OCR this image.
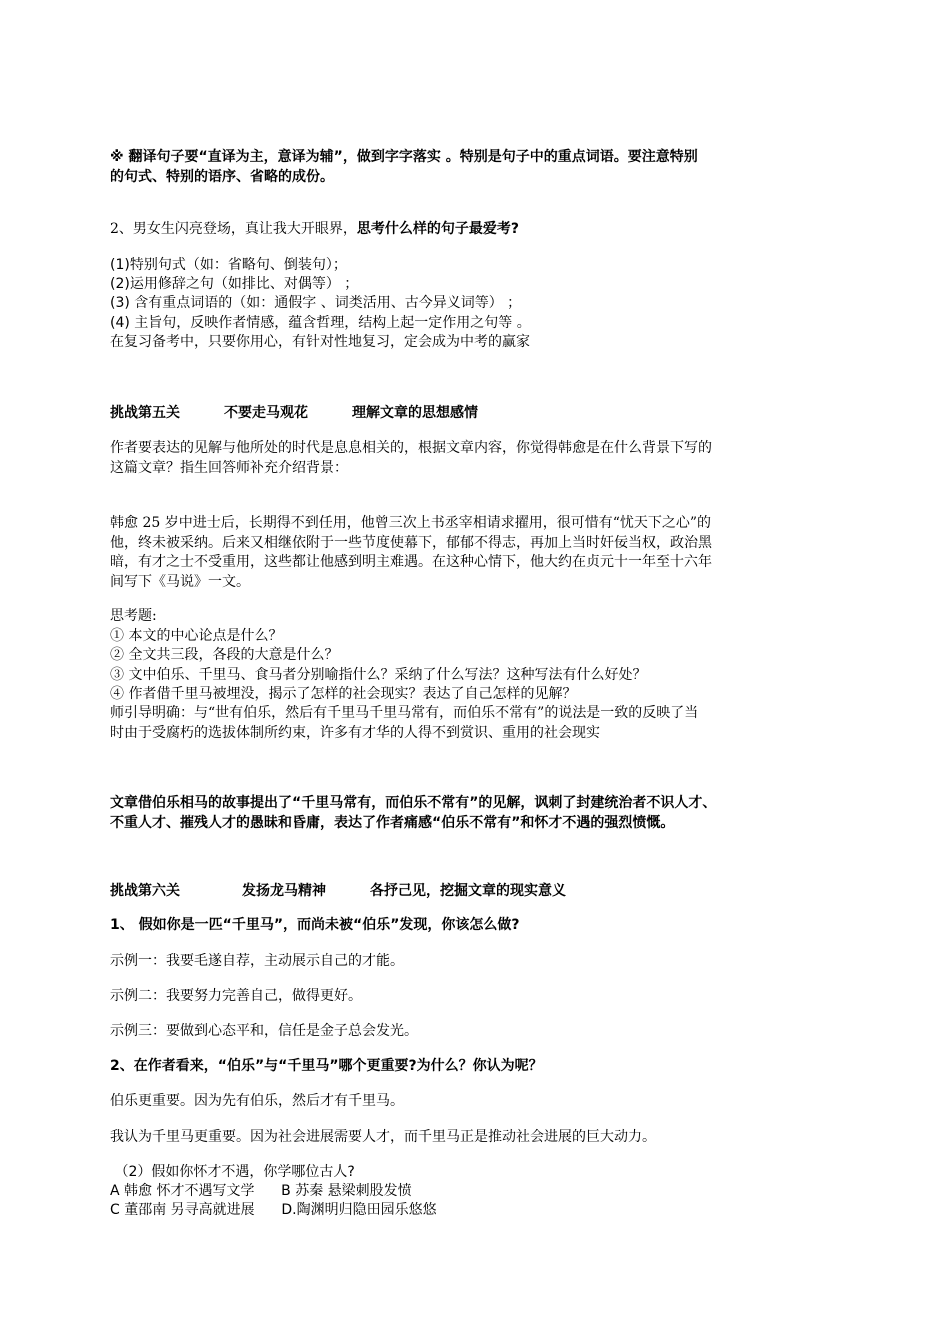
※ 翻译句子要“直译为主，意译为辅”，做到字字落实 。特别是句子中的重点词语。要注意特别
的句式、特别的语序、省略的成份。
2、男女生闪亮登场，真让我大开眼界，思考什么样的句子最爱考?
(1)特别句式（如：省略句、倒装句）；
(2)运用修辞之句（如排比、对偶等） ；
(3) 含有重点词语的（如：通假字 、词类活用、古今异义词等） ；
(4) 主旨句，反映作者情感，蕴含哲理，结构上起一定作用之句等 。
在复习备考中，只要你用心，有针对性地复习，定会成为中考的赢家
挑战第五关	不要走马观花	理解文章的思想感情
作者要表达的见解与他所处的时代是息息相关的，根据文章内容，你觉得韩愈是在什么背景下写的
这篇文章？指生回答师补充介绍背景：
韩愈 25 岁中进士后，长期得不到任用，他曾三次上书丞宰相请求擢用，很可惜有“忧天下之心”的
他，终未被采纳。后来又相继依附于一些节度使幕下，郁郁不得志，再加上当时奸佞当权，政治黑
暗，有才之士不受重用，这些都让他感到明主难遇。在这种心情下，他大约在贞元十一年至十六年
间写下《马说》一文。
思考题:
① 本文的中心论点是什么？
② 全文共三段，各段的大意是什么？
③ 文中伯乐、千里马、食马者分别喻指什么？采纳了什么写法？这种写法有什么好处？
④ 作者借千里马被埋没，揭示了怎样的社会现实？表达了自己怎样的见解？
师引导明确：与“世有伯乐，然后有千里马千里马常有，而伯乐不常有”的说法是一致的反映了当
时由于受腐朽的选拔体制所约束，许多有才华的人得不到赏识、重用的社会现实
文章借伯乐相马的故事提出了“千里马常有，而伯乐不常有”的见解，讽刺了封建统治者不识人才、
不重人才、摧残人才的愚昧和昏庸，表达了作者痛感“伯乐不常有”和怀才不遇的强烈愤慨。
挑战第六关	发扬龙马精神	各抒己见，挖掘文章的现实意义
1、 假如你是一匹“千里马”，而尚未被“伯乐”发现，你该怎么做?
示例一：我要毛遂自荐，主动展示自己的才能。
示例二：我要努力完善自己，做得更好。
示例三：要做到心态平和，信任是金子总会发光。
2、在作者看来，“伯乐”与“千里马”哪个更重要?为什么？你认为呢？
伯乐更重要。因为先有伯乐，然后才有千里马。
我认为千里马更重要。因为社会进展需要人才，而千里马正是推动社会进展的巨大动力。
（2）假如你怀才不遇，你学哪位古人?
A 韩愈 怀才不遇写文学      B 苏秦 悬梁刺股发愤
C 董邵南 另寻高就进展      D.陶渊明归隐田园乐悠悠
